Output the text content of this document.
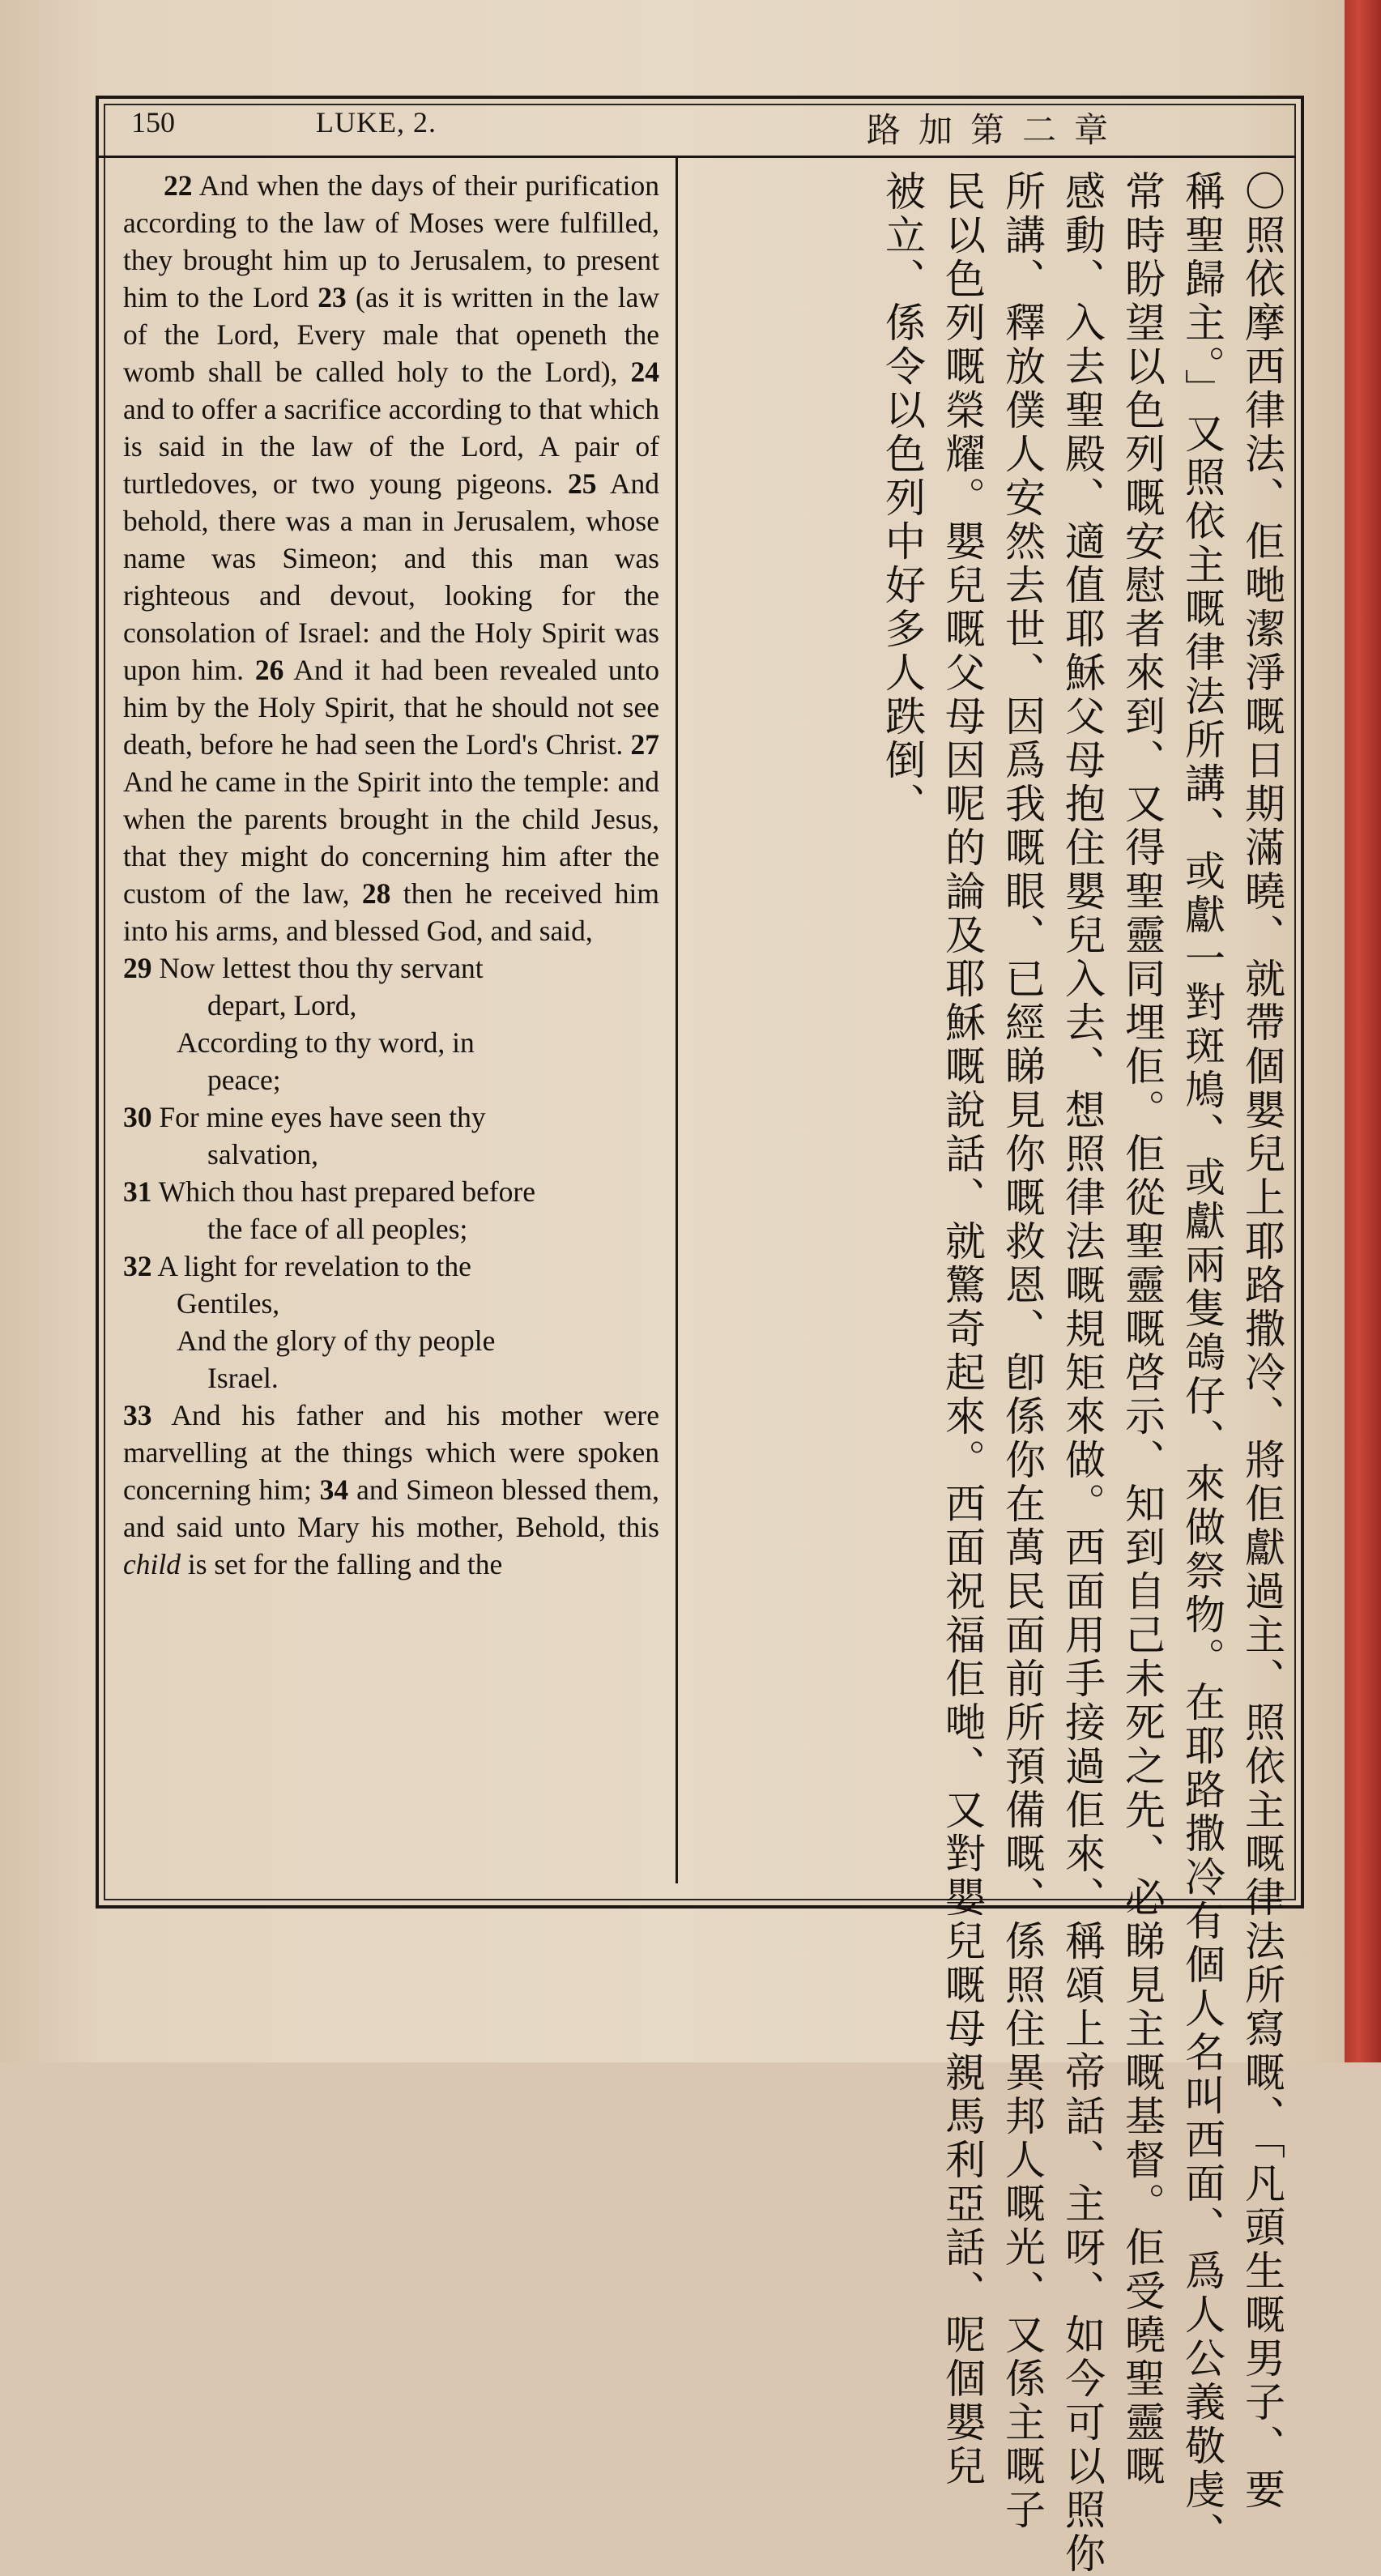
150	LUKE, 2.	路加第二章

22 And when the days of their purification according to the law of Moses were fulfilled, they brought him up to Jerusalem, to present him to the Lord 23 (as it is written in the law of the Lord, Every male that openeth the womb shall be called holy to the Lord), 24 and to offer a sacrifice according to that which is said in the law of the Lord, A pair of turtledoves, or two young pigeons. 25 And behold, there was a man in Jerusalem, whose name was Simeon; and this man was righteous and devout, looking for the consolation of Israel: and the Holy Spirit was upon him. 26 And it had been revealed unto him by the Holy Spirit, that he should not see death, before he had seen the Lord's Christ. 27 And he came in the Spirit into the temple: and when the parents brought in the child Jesus, that they might do concerning him after the custom of the law, 28 then he received him into his arms, and blessed God, and said,

29 Now lettest thou thy servant
depart, Lord,
According to thy word, in
peace;
30 For mine eyes have seen thy
salvation,
31 Which thou hast prepared before
the face of all peoples;
32 A light for revelation to the
Gentiles,
And the glory of thy people
Israel.

33 And his father and his mother were marvelling at the things which were spoken concerning him; 34 and Simeon blessed them, and said unto Mary his mother, Behold, this child is set for the falling and the	〇照依摩西律法、佢哋潔淨嘅日期滿曉、就帶個嬰兒上耶路撒冷、將佢獻過主、照依主嘅律法所寫嘅、「凡頭生嘅男子、要
稱聖歸主。」又照依主嘅律法所講、或獻一對斑鳩、或獻兩隻鴿仔、來做祭物。在耶路撒冷有個人名叫西面、爲人公義敬虔、
常時盼望以色列嘅安慰者來到、又得聖靈同埋佢。佢從聖靈嘅啓示、知到自己未死之先、必睇見主嘅基督。佢受曉聖靈嘅
感動、入去聖殿、適值耶穌父母抱住嬰兒入去、想照律法嘅規矩來做。西面用手接過佢來、稱頌上帝話、主呀、如今可以照你
所講、釋放僕人安然去世、因爲我嘅眼、已經睇見你嘅救恩、卽係你在萬民面前所預備嘅、係照住異邦人嘅光、又係主嘅子
民以色列嘅榮耀。嬰兒嘅父母因呢的論及耶穌嘅說話、就驚奇起來。西面祝福佢哋、又對嬰兒嘅母親馬利亞話、呢個嬰兒
被立、係令以色列中好多人跌倒、
